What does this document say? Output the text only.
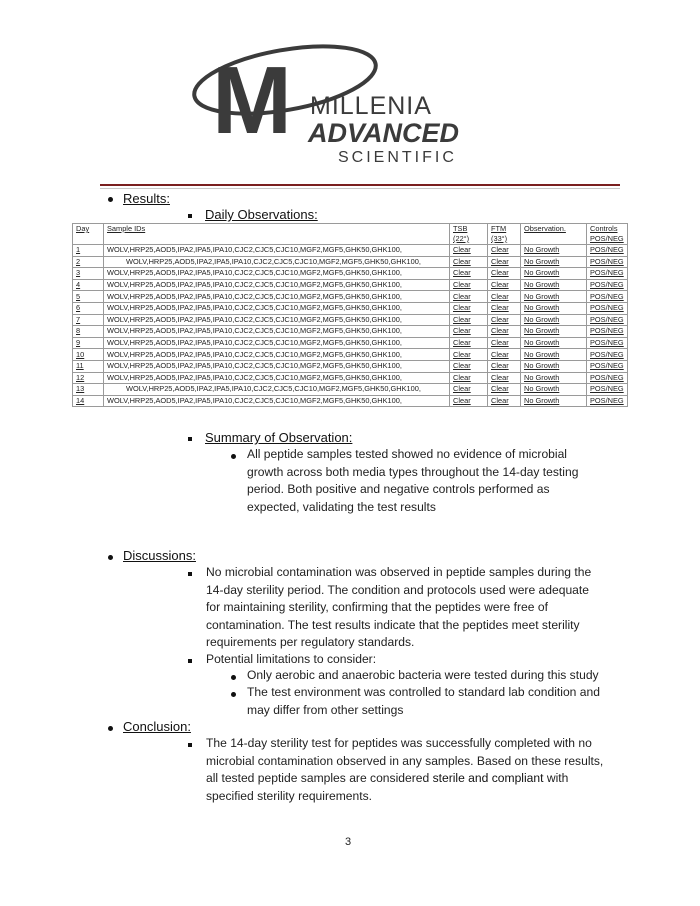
M MILLENIA
ADVANCED
SCIENTIFIC
Results:
Daily Observations:
Day	Sample IDs	TSB (22°)	FTM (33°)	Observation.	Controls POS/NEG
1	WOLV,HRP25,AOD5,IPA2,IPA5,IPA10,CJC2,CJC5,CJC10,MGF2,MGF5,GHK50,GHK100,	Clear	Clear	No Growth	POS/NEG
2	WOLV,HRP25,AOD5,IPA2,IPA5,IPA10,CJC2,CJC5,CJC10,MGF2,MGF5,GHK50,GHK100,	Clear	Clear	No Growth	POS/NEG
3	WOLV,HRP25,AOD5,IPA2,IPA5,IPA10,CJC2,CJC5,CJC10,MGF2,MGF5,GHK50,GHK100,	Clear	Clear	No Growth	POS/NEG
4	WOLV,HRP25,AOD5,IPA2,IPA5,IPA10,CJC2,CJC5,CJC10,MGF2,MGF5,GHK50,GHK100,	Clear	Clear	No Growth	POS/NEG
5	WOLV,HRP25,AOD5,IPA2,IPA5,IPA10,CJC2,CJC5,CJC10,MGF2,MGF5,GHK50,GHK100,	Clear	Clear	No Growth	POS/NEG
6	WOLV,HRP25,AOD5,IPA2,IPA5,IPA10,CJC2,CJC5,CJC10,MGF2,MGF5,GHK50,GHK100,	Clear	Clear	No Growth	POS/NEG
7	WOLV,HRP25,AOD5,IPA2,IPA5,IPA10,CJC2,CJC5,CJC10,MGF2,MGF5,GHK50,GHK100,	Clear	Clear	No Growth	POS/NEG
8	WOLV,HRP25,AOD5,IPA2,IPA5,IPA10,CJC2,CJC5,CJC10,MGF2,MGF5,GHK50,GHK100,	Clear	Clear	No Growth	POS/NEG
9	WOLV,HRP25,AOD5,IPA2,IPA5,IPA10,CJC2,CJC5,CJC10,MGF2,MGF5,GHK50,GHK100,	Clear	Clear	No Growth	POS/NEG
10	WOLV,HRP25,AOD5,IPA2,IPA5,IPA10,CJC2,CJC5,CJC10,MGF2,MGF5,GHK50,GHK100,	Clear	Clear	No Growth	POS/NEG
11	WOLV,HRP25,AOD5,IPA2,IPA5,IPA10,CJC2,CJC5,CJC10,MGF2,MGF5,GHK50,GHK100,	Clear	Clear	No Growth	POS/NEG
12	WOLV,HRP25,AOD5,IPA2,IPA5,IPA10,CJC2,CJC5,CJC10,MGF2,MGF5,GHK50,GHK100,	Clear	Clear	No Growth	POS/NEG
13	WOLV,HRP25,AOD5,IPA2,IPA5,IPA10,CJC2,CJC5,CJC10,MGF2,MGF5,GHK50,GHK100,	Clear	Clear	No Growth	POS/NEG
14	WOLV,HRP25,AOD5,IPA2,IPA5,IPA10,CJC2,CJC5,CJC10,MGF2,MGF5,GHK50,GHK100,	Clear	Clear	No Growth	POS/NEG
Summary of Observation:
All peptide samples tested showed no evidence of microbial
growth across both media types throughout the 14-day testing
period. Both positive and negative controls performed as
expected, validating the test results
Discussions:
No microbial contamination was observed in peptide samples during the
14-day sterility period. The condition and protocols used were adequate
for maintaining sterility, confirming that the peptides were free of
contamination. The test results indicate that the peptides meet sterility
requirements per regulatory standards.
Potential limitations to consider:
Only aerobic and anaerobic bacteria were tested during this study
The test environment was controlled to standard lab condition and
may differ from other settings
Conclusion:
The 14-day sterility test for peptides was successfully completed with no
microbial contamination observed in any samples. Based on these results,
all tested peptide samples are considered sterile and compliant with
specified sterility requirements.
3
